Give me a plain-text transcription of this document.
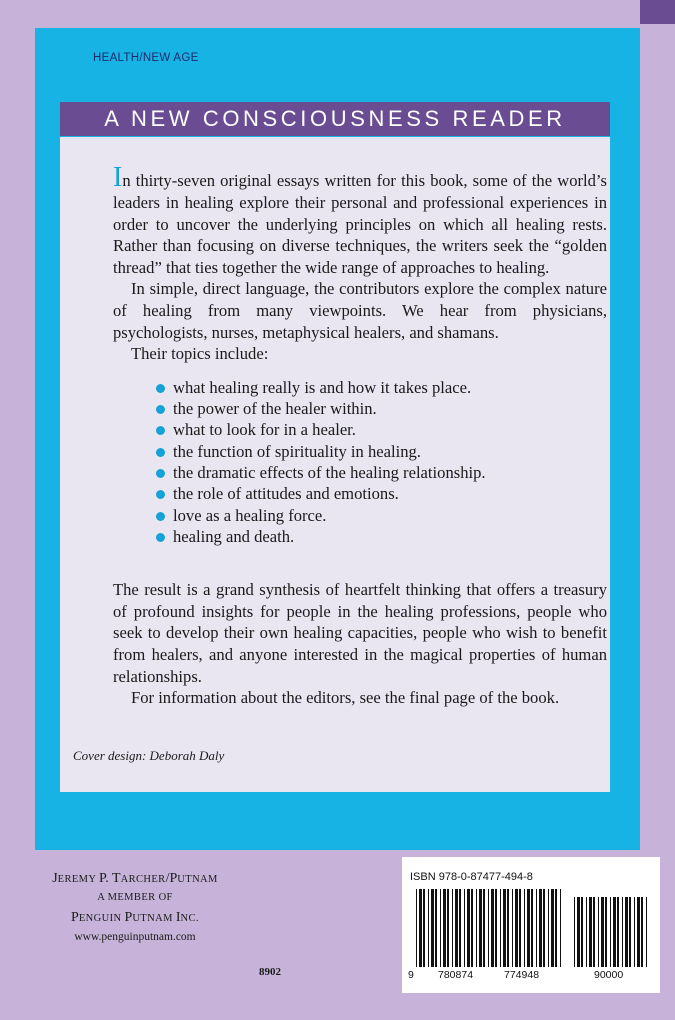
HEALTH/NEW AGE
A NEW CONSCIOUSNESS READER

In thirty-seven original essays written for this book, some of the world’s leaders in healing explore their personal and professional experiences in order to uncover the underlying principles on which all healing rests. Rather than focusing on diverse techniques, the writers seek the “golden thread” that ties together the wide range of approaches to healing.

In simple, direct language, the contributors explore the complex nature of healing from many viewpoints. We hear from physicians, psychologists, nurses, metaphysical healers, and shamans.

Their topics include:

what healing really is and how it takes place.
the power of the healer within.
what to look for in a healer.
the function of spirituality in healing.
the dramatic effects of the healing relationship.
the role of attitudes and emotions.
love as a healing force.
healing and death.

The result is a grand synthesis of heartfelt thinking that offers a treasury of profound insights for people in the healing professions, people who seek to develop their own healing capacities, people who wish to benefit from healers, and anyone interested in the magical properties of human relationships.

For information about the editors, see the final page of the book.

Cover design: Deborah Daly
JEREMY P. TARCHER/PUTNAM
A MEMBER OF
PENGUIN PUTNAM INC.
www.penguinputnam.com
8902
ISBN 978-0-87477-494-8
9 780874	774948	90000
